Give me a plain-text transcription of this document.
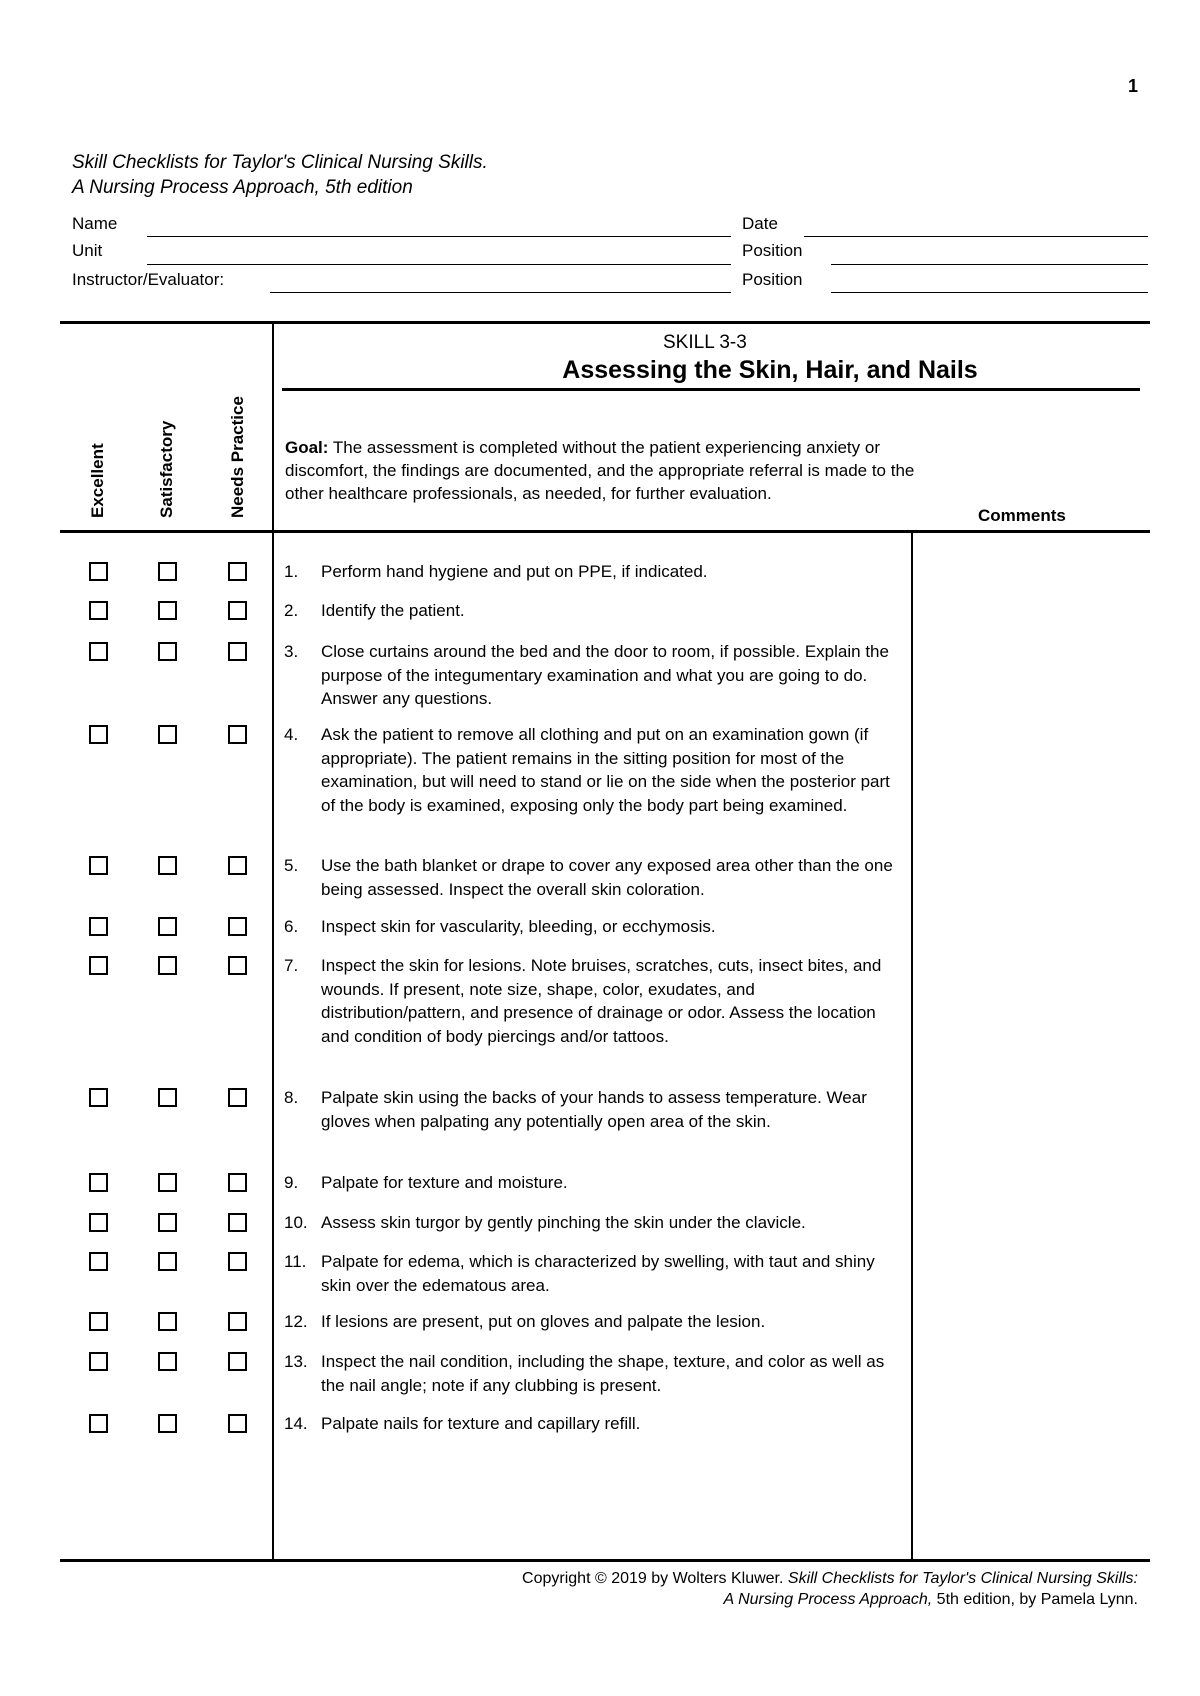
1
Skill Checklists for Taylor's Clinical Nursing Skills.
A Nursing Process Approach, 5th edition
Name	Date
Unit	Position
Instructor/Evaluator:	Position
Excellent	Satisfactory	Needs Practice
SKILL 3-3
Assessing the Skin, Hair, and Nails
Goal: The assessment is completed without the patient experiencing anxiety or discomfort, the findings are documented, and the appropriate referral is made to the other healthcare professionals, as needed, for further evaluation.
Comments
1. Perform hand hygiene and put on PPE, if indicated.
2. Identify the patient.
3. Close curtains around the bed and the door to room, if possible. Explain the purpose of the integumentary examination and what you are going to do. Answer any questions.
4. Ask the patient to remove all clothing and put on an examination gown (if appropriate). The patient remains in the sitting position for most of the examination, but will need to stand or lie on the side when the posterior part of the body is examined, exposing only the body part being examined.
5. Use the bath blanket or drape to cover any exposed area other than the one being assessed. Inspect the overall skin coloration.
6. Inspect skin for vascularity, bleeding, or ecchymosis.
7. Inspect the skin for lesions. Note bruises, scratches, cuts, insect bites, and wounds. If present, note size, shape, color, exudates, and distribution/pattern, and presence of drainage or odor. Assess the location and condition of body piercings and/or tattoos.
8. Palpate skin using the backs of your hands to assess temperature. Wear gloves when palpating any potentially open area of the skin.
9. Palpate for texture and moisture.
10. Assess skin turgor by gently pinching the skin under the clavicle.
11. Palpate for edema, which is characterized by swelling, with taut and shiny skin over the edematous area.
12. If lesions are present, put on gloves and palpate the lesion.
13. Inspect the nail condition, including the shape, texture, and color as well as the nail angle; note if any clubbing is present.
14. Palpate nails for texture and capillary refill.
Copyright © 2019 by Wolters Kluwer. Skill Checklists for Taylor's Clinical Nursing Skills:
A Nursing Process Approach, 5th edition, by Pamela Lynn.
